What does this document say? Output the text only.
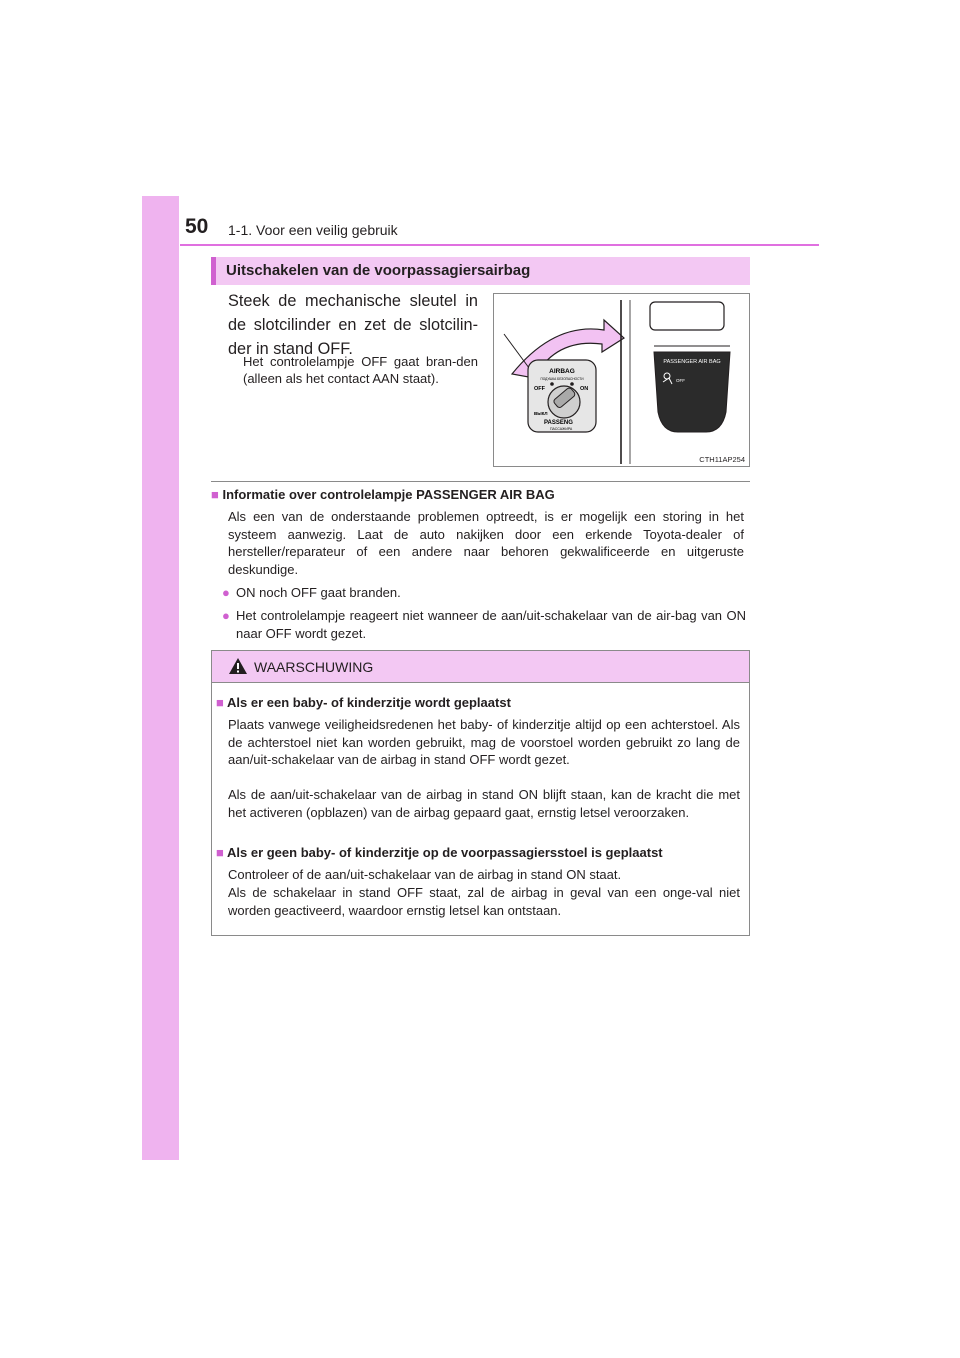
50 1-1. Voor een veilig gebruik
Uitschakelen van de voorpassagiersairbag
Steek de mechanische sleutel in de slotcilinder en zet de slotcilin-der in stand OFF.
Het controlelampje OFF gaat bran-den (alleen als het contact AAN staat).	AIRBAG
ПОДУШКА БЕЗОПАСНОСТИ
OFF	ON
ВЫКЛ
PASSENG
ПАССАЖИРА
PASSENGER AIR BAG
OFF
CTH11AP254
■ Informatie over controlelampje PASSENGER AIR BAG
Als een van de onderstaande problemen optreedt, is er mogelijk een storing in het systeem aanwezig. Laat de auto nakijken door een erkende Toyota-dealer of hersteller/reparateur of een andere naar behoren gekwalificeerde en uitgeruste deskundige.
● ON noch OFF gaat branden.
● Het controlelampje reageert niet wanneer de aan/uit-schakelaar van de air-bag van ON naar OFF wordt gezet.
WAARSCHUWING
■ Als er een baby- of kinderzitje wordt geplaatst
Plaats vanwege veiligheidsredenen het baby- of kinderzitje altijd op een achterstoel. Als de achterstoel niet kan worden gebruikt, mag de voorstoel worden gebruikt zo lang de aan/uit-schakelaar van de airbag in stand OFF wordt gezet.
Als de aan/uit-schakelaar van de airbag in stand ON blijft staan, kan de kracht die met het activeren (opblazen) van de airbag gepaard gaat, ernstig letsel veroorzaken.
■ Als er geen baby- of kinderzitje op de voorpassagiersstoel is geplaatst
Controleer of de aan/uit-schakelaar van de airbag in stand ON staat.
Als de schakelaar in stand OFF staat, zal de airbag in geval van een onge-val niet worden geactiveerd, waardoor ernstig letsel kan ontstaan.
